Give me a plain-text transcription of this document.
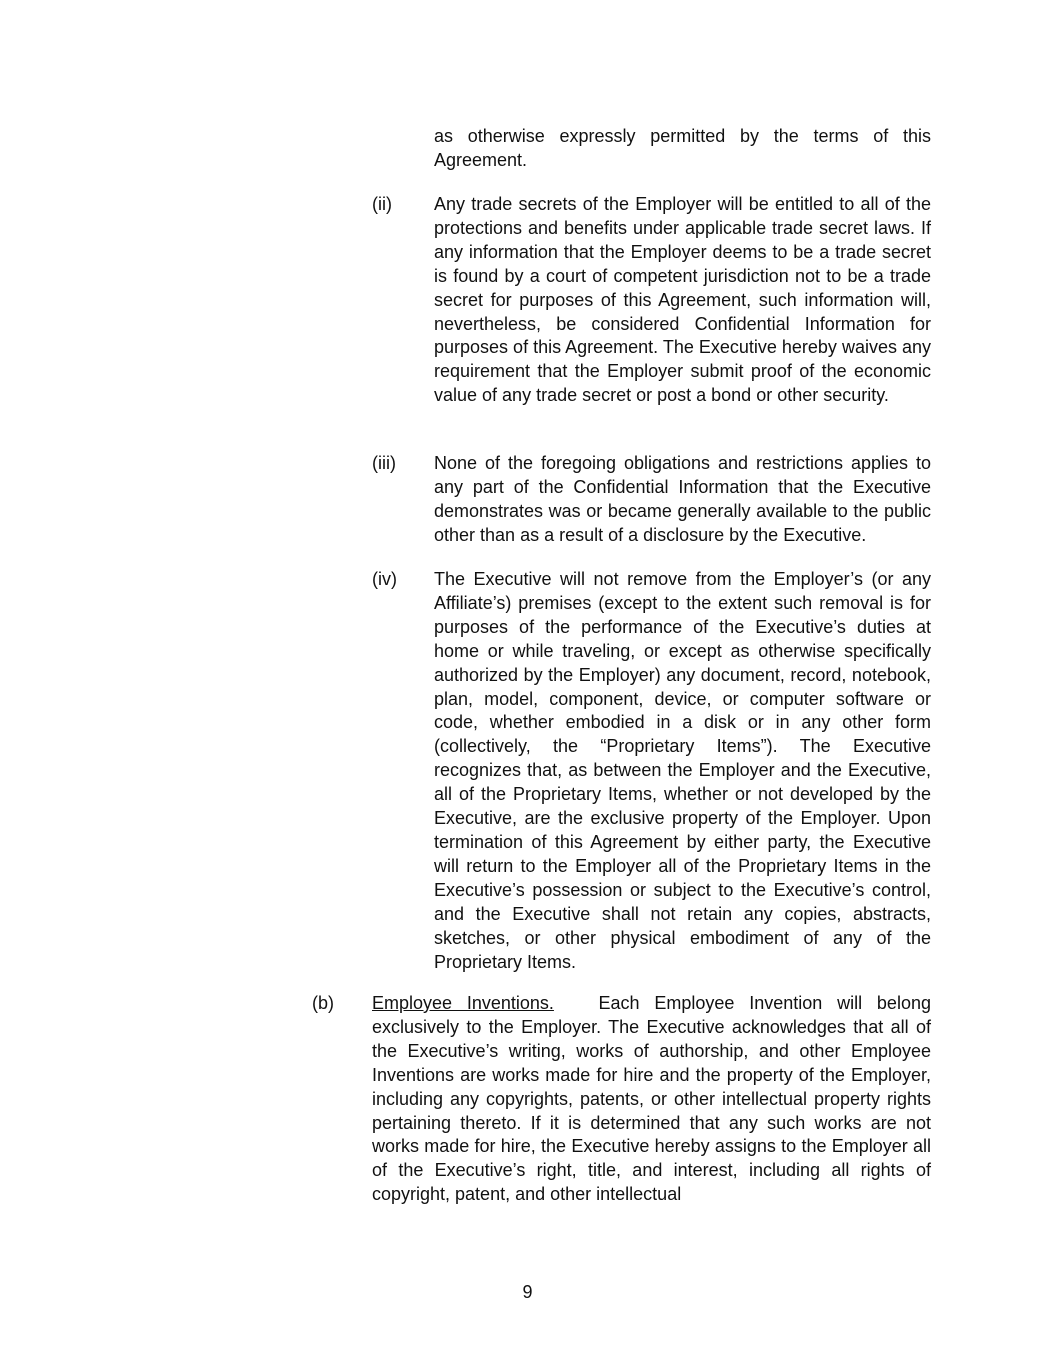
as otherwise expressly permitted by the terms of this Agreement.
(ii) Any trade secrets of the Employer will be entitled to all of the protections and benefits under applicable trade secret laws. If any information that the Employer deems to be a trade secret is found by a court of competent jurisdiction not to be a trade secret for purposes of this Agreement, such information will, nevertheless, be considered Confidential Information for purposes of this Agreement. The Executive hereby waives any requirement that the Employer submit proof of the economic value of any trade secret or post a bond or other security.
(iii) None of the foregoing obligations and restrictions applies to any part of the Confidential Information that the Executive demonstrates was or became generally available to the public other than as a result of a disclosure by the Executive.
(iv) The Executive will not remove from the Employer’s (or any Affiliate’s) premises (except to the extent such removal is for purposes of the performance of the Executive’s duties at home or while traveling, or except as otherwise specifically authorized by the Employer) any document, record, notebook, plan, model, component, device, or computer software or code, whether embodied in a disk or in any other form (collectively, the “Proprietary Items”). The Executive recognizes that, as between the Employer and the Executive, all of the Proprietary Items, whether or not developed by the Executive, are the exclusive property of the Employer. Upon termination of this Agreement by either party, the Executive will return to the Employer all of the Proprietary Items in the Executive’s possession or subject to the Executive’s control, and the Executive shall not retain any copies, abstracts, sketches, or other physical embodiment of any of the Proprietary Items.
(b) Employee Inventions. Each Employee Invention will belong exclusively to the Employer. The Executive acknowledges that all of the Executive’s writing, works of authorship, and other Employee Inventions are works made for hire and the property of the Employer, including any copyrights, patents, or other intellectual property rights pertaining thereto. If it is determined that any such works are not works made for hire, the Executive hereby assigns to the Employer all of the Executive’s right, title, and interest, including all rights of copyright, patent, and other intellectual
9
